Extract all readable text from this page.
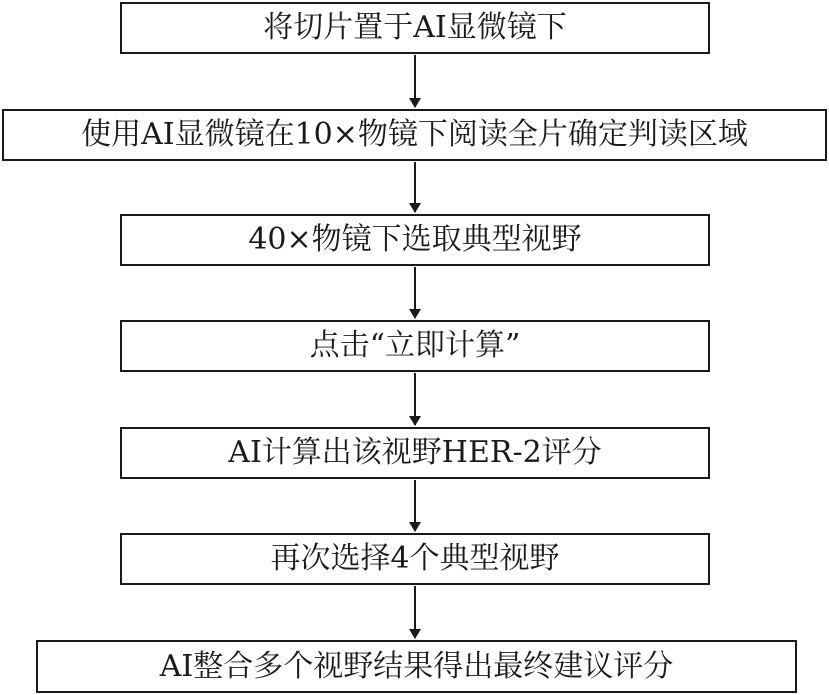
将切片置于AI显微镜下
使用AI显微镜在10×物镜下阅读全片确定判读区域
40×物镜下选取典型视野
点击“立即计算”
AI计算出该视野HER-2评分
再次选择4个典型视野
AI整合多个视野结果得出最终建议评分
